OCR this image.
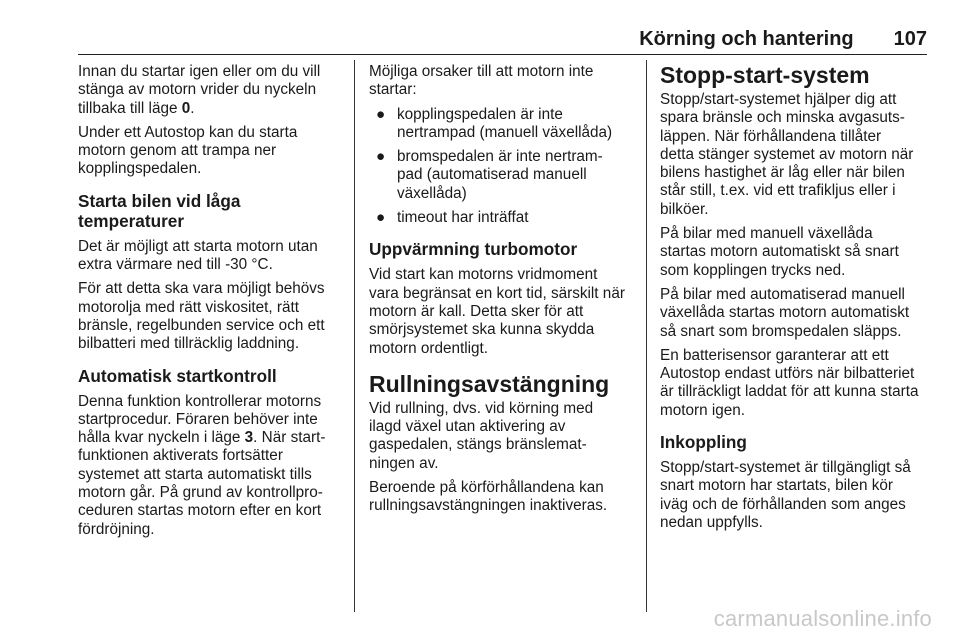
Körning och hantering 107

Innan du startar igen eller om du vill
stänga av motorn vrider du nyckeln
tillbaka till läge 0.

Under ett Autostop kan du starta
motorn genom att trampa ner
kopplingspedalen.

Starta bilen vid låga temperaturer

Det är möjligt att starta motorn utan
extra värmare ned till -30 °C.

För att detta ska vara möjligt behövs
motorolja med rätt viskositet, rätt
bränsle, regelbunden service och ett
bilbatteri med tillräcklig laddning.

Automatisk startkontroll

Denna funktion kontrollerar motorns
startprocedur. Föraren behöver inte
hålla kvar nyckeln i läge 3. När start-
funktionen aktiverats fortsätter
systemet att starta automatiskt tills
motorn går. På grund av kontrollpro-
ceduren startas motorn efter en kort
fördröjning.

Möjliga orsaker till att motorn inte
startar:

● kopplingspedalen är inte
nertrampad (manuell växellåda)
● bromspedalen är inte nertram-
pad (automatiserad manuell
växellåda)
● timeout har inträffat
Uppvärmning turbomotor

Vid start kan motorns vridmoment
vara begränsat en kort tid, särskilt när
motorn är kall. Detta sker för att
smörjsystemet ska kunna skydda
motorn ordentligt.

Rullningsavstängning

Vid rullning, dvs. vid körning med
ilagd växel utan aktivering av
gaspedalen, stängs bränslemat-
ningen av.

Beroende på körförhållandena kan
rullningsavstängningen inaktiveras.

Stopp-start-system

Stopp/start-systemet hjälper dig att
spara bränsle och minska avgasuts-
läppen. När förhållandena tillåter
detta stänger systemet av motorn när
bilens hastighet är låg eller när bilen
står still, t.ex. vid ett trafikljus eller i
bilköer.

På bilar med manuell växellåda
startas motorn automatiskt så snart
som kopplingen trycks ned.

På bilar med automatiserad manuell
växellåda startas motorn automatiskt
så snart som bromspedalen släpps.

En batterisensor garanterar att ett
Autostop endast utförs när bilbatteriet
är tillräckligt laddat för att kunna starta
motorn igen.

Inkoppling

Stopp/start-systemet är tillgängligt så
snart motorn har startats, bilen kör
iväg och de förhållanden som anges
nedan uppfylls.

carmanualsonline.info
